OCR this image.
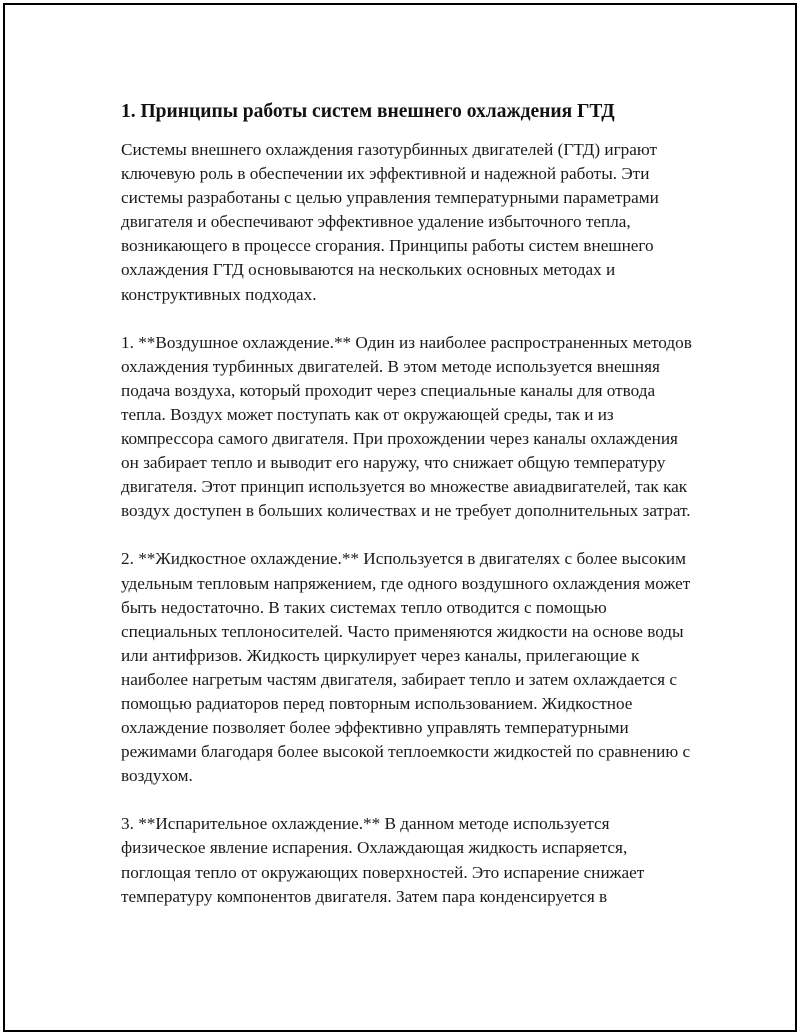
1. Принципы работы систем внешнего охлаждения ГТД

Системы внешнего охлаждения газотурбинных двигателей (ГТД) играют ключевую роль в обеспечении их эффективной и надежной работы. Эти системы разработаны с целью управления температурными параметрами двигателя и обеспечивают эффективное удаление избыточного тепла, возникающего в процессе сгорания. Принципы работы систем внешнего охлаждения ГТД основываются на нескольких основных методах и конструктивных подходах.

1. **Воздушное охлаждение.** Один из наиболее распространенных методов охлаждения турбинных двигателей. В этом методе используется внешняя подача воздуха, который проходит через специальные каналы для отвода тепла. Воздух может поступать как от окружающей среды, так и из компрессора самого двигателя. При прохождении через каналы охлаждения он забирает тепло и выводит его наружу, что снижает общую температуру двигателя. Этот принцип используется во множестве авиадвигателей, так как воздух доступен в больших количествах и не требует дополнительных затрат.

2. **Жидкостное охлаждение.** Используется в двигателях с более высоким удельным тепловым напряжением, где одного воздушного охлаждения может быть недостаточно. В таких системах тепло отводится с помощью специальных теплоносителей. Часто применяются жидкости на основе воды или антифризов. Жидкость циркулирует через каналы, прилегающие к наиболее нагретым частям двигателя, забирает тепло и затем охлаждается с помощью радиаторов перед повторным использованием. Жидкостное охлаждение позволяет более эффективно управлять температурными режимами благодаря более высокой теплоемкости жидкостей по сравнению с воздухом.

3. **Испарительное охлаждение.** В данном методе используется физическое явление испарения. Охлаждающая жидкость испаряется, поглощая тепло от окружающих поверхностей. Это испарение снижает температуру компонентов двигателя. Затем пара конденсируется в
